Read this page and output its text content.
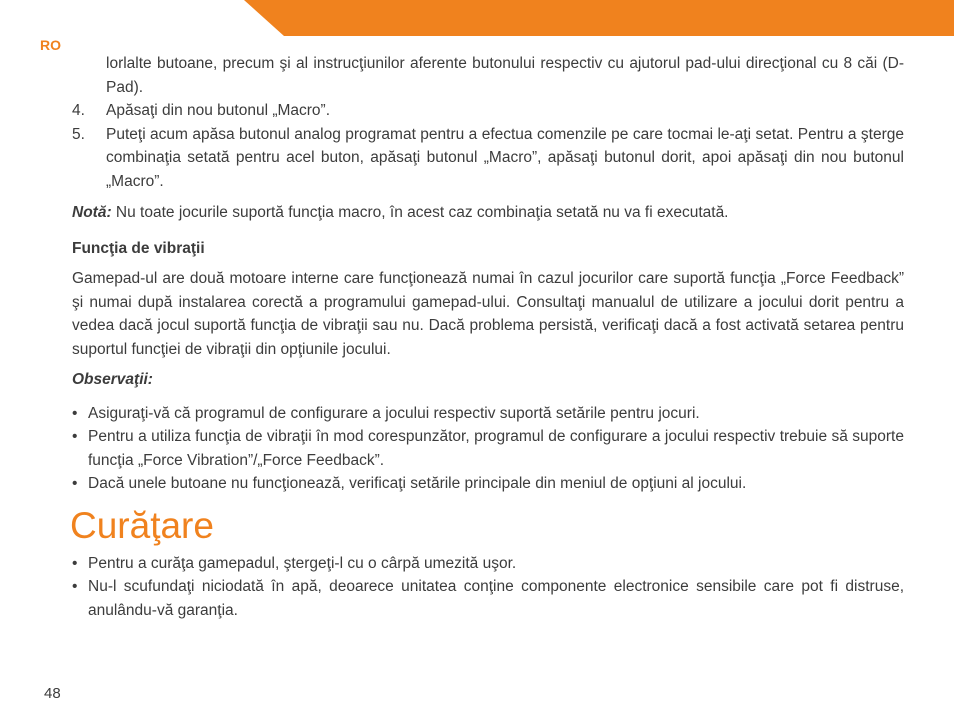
RO

lorlalte butoane, precum şi al instrucţiunilor aferente butonului respectiv cu ajutorul pad-ului direcţional cu 8 căi (D-Pad).

4.	Apăsaţi din nou butonul „Macro”.
5.	Puteţi acum apăsa butonul analog programat pentru a efectua comenzile pe care tocmai le-aţi setat. Pentru a şterge combinaţia setată pentru acel buton, apăsaţi butonul „Macro”, apăsaţi butonul dorit, apoi apăsaţi din nou butonul „Macro”.

Notă: Nu toate jocurile suportă funcţia macro, în acest caz combinaţia setată nu va fi executată.

Funcţia de vibraţii

Gamepad-ul are două motoare interne care funcţionează numai în cazul jocurilor care suportă funcţia „Force Feedback” şi numai după instalarea corectă a programului gamepad-ului. Consultaţi manualul de utilizare a jocului dorit pentru a vedea dacă jocul suportă funcţia de vibraţii sau nu. Dacă problema persistă, verificaţi dacă a fost activată setarea pentru suportul funcţiei de vibraţii din opţiunile jocului.

Observaţii:

• Asiguraţi-vă că programul de configurare a jocului respectiv suportă setările pentru jocuri.
• Pentru a utiliza funcţia de vibraţii în mod corespunzător, programul de configurare a jocului respectiv trebuie să suporte funcţia „Force Vibration”/„Force Feedback”.
• Dacă unele butoane nu funcţionează, verificaţi setările principale din meniul de opţiuni al jocului.
Curăţare
• Pentru a curăţa gamepadul, ştergeţi-l cu o cârpă umezită uşor.
• Nu-l scufundaţi niciodată în apă, deoarece unitatea conţine componente electronice sensibile care pot fi distruse, anulându-vă garanţia.
48
